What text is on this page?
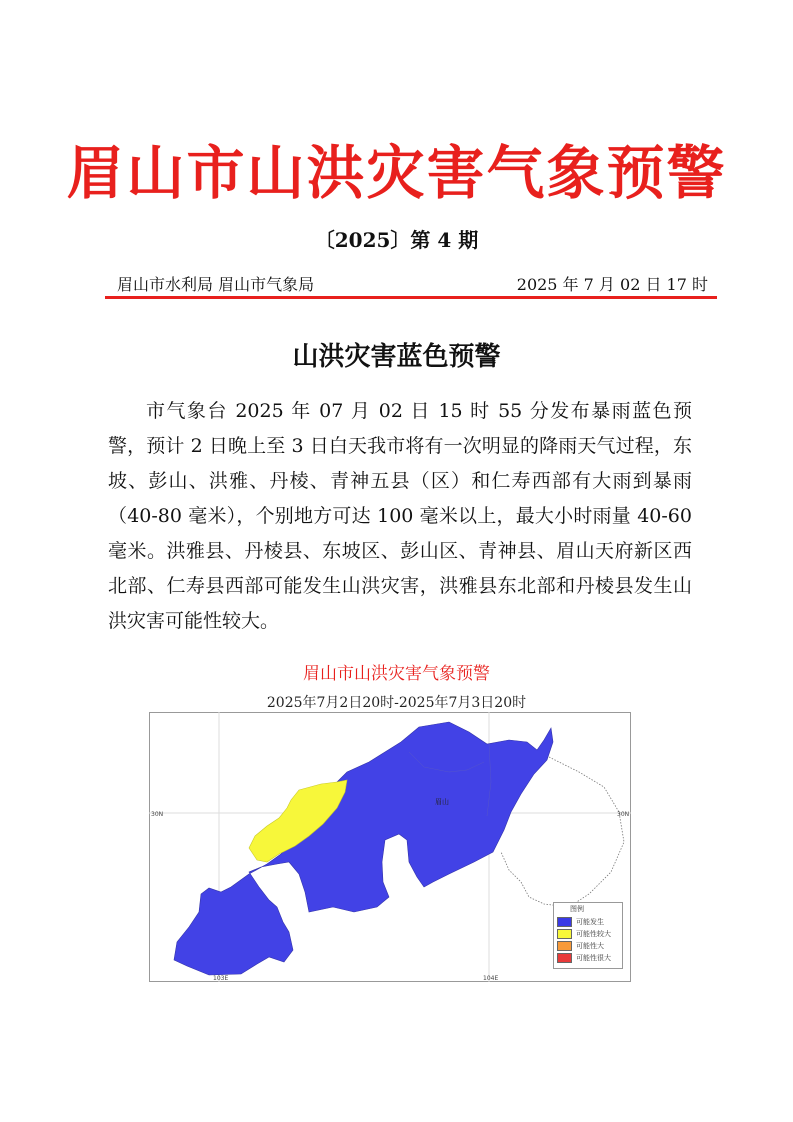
眉山市山洪灾害气象预警
〔2025〕第 4 期
眉山市水利局 眉山市气象局	2025 年 7 月 02 日 17 时
山洪灾害蓝色预警

市气象台 2025 年 07 月 02 日 15 时 55 分发布暴雨蓝色预警，预计 2 日晚上至 3 日白天我市将有一次明显的降雨天气过程，东坡、彭山、洪雅、丹棱、青神五县（区）和仁寿西部有大雨到暴雨（40-80 毫米），个别地方可达 100 毫米以上，最大小时雨量 40-60 毫米。洪雅县、丹棱县、东坡区、彭山区、青神县、眉山天府新区西北部、仁寿县西部可能发生山洪灾害，洪雅县东北部和丹棱县发生山洪灾害可能性较大。

眉山市山洪灾害气象预警
2025年7月2日20时-2025年7月3日20时
眉山
30N	30N
103E	104E
图例
可能发生
可能性较大
可能性大
可能性很大
